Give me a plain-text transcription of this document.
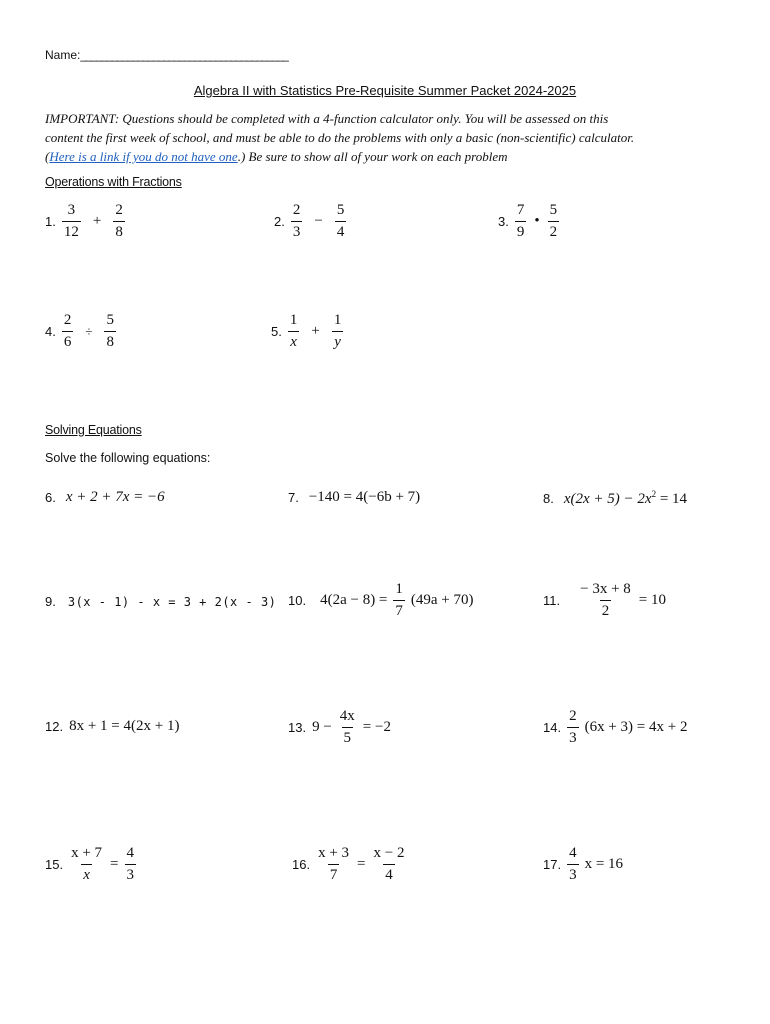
Name:________________________________________
Algebra II with Statistics Pre-Requisite Summer Packet 2024-2025
IMPORTANT: Questions should be completed with a 4-function calculator only. You will be assessed on this
content the first week of school, and must be able to do the problems with only a basic (non-scientific) calculator.
(Here is a link if you do not have one.) Be sure to show all of your work on each problem
Operations with Fractions
1. $\frac{3}{12} + \frac{2}{8}$	2. $\frac{2}{3} - \frac{5}{4}$	3. $\frac{7}{9}$ • $\frac{5}{2}$
4. $\frac{2}{6} \div \frac{5}{8}$	5. $\frac{1}{x} + \frac{1}{y}$
Solving Equations
Solve the following equations:
6. x + 2 + 7x = −6	7. −140 = 4(−6b + 7)	8. $x(2x + 5) - 2x^2 = 14$
9. 3(x - 1) - x = 3 + 2(x - 3) 10. $4(2a - 8) = \frac{1}{7} (49a + 70)$	11. $\frac{- 3x + 8}{2} = 10$
12. 8x + 1 = 4(2x + 1)	13. $9 - \frac{4x}{5} = -2$	14. $\frac{2}{3} (6x + 3) = 4x + 2$
15. $\frac{x + 7}{x} = \frac{4}{3}$	16. $\frac{x + 3}{7} = \frac{x - 2}{4}$	17. $\frac{4}{3}$ x = 16
